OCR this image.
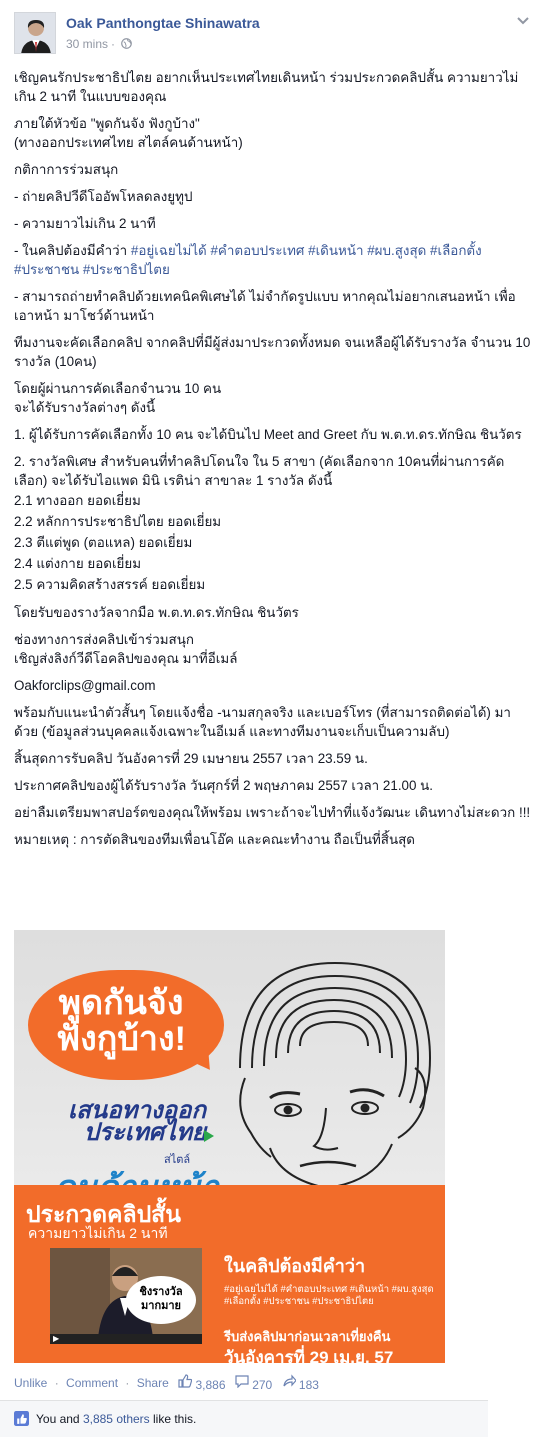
Oak Panthongtae Shinawatra
30 mins ·

เชิญคนรักประชาธิปไตย อยากเห็นประเทศไทยเดินหน้า ร่วมประกวดคลิปสั้น ความยาวไม่เกิน 2 นาที ในแบบของคุณ

ภายใต้หัวข้อ "พูดกันจัง ฟังกูบ้าง"
(ทางออกประเทศไทย สไตล์คนด้านหน้า)

กติกาการร่วมสนุก

- ถ่ายคลิปวีดีโออัพโหลดลงยูทูป

- ความยาวไม่เกิน 2 นาที

- ในคลิปต้องมีคำว่า #อยู่เฉยไม่ได้ #คำตอบประเทศ #เดินหน้า #ผบ.สูงสุด #เลือกตั้ง #ประชาชน #ประชาธิปไตย

- สามารถถ่ายทำคลิปด้วยเทคนิคพิเศษได้ ไม่จำกัดรูปแบบ หากคุณไม่อยากเสนอหน้า เพื่อเอาหน้า มาโชว์ด้านหน้า

ทีมงานจะคัดเลือกคลิป จากคลิปที่มีผู้ส่งมาประกวดทั้งหมด จนเหลือผู้ได้รับรางวัล จำนวน 10 รางวัล (10คน)

โดยผู้ผ่านการคัดเลือกจำนวน 10 คน
จะได้รับรางวัลต่างๆ ดังนี้

1. ผู้ได้รับการคัดเลือกทั้ง 10 คน จะได้บินไป Meet and Greet กับ พ.ต.ท.ดร.ทักษิณ ชินวัตร

2. รางวัลพิเศษ สำหรับคนที่ทำคลิปโดนใจ ใน 5 สาขา (คัดเลือกจาก 10คนที่ผ่านการคัดเลือก) จะได้รับไอแพด มินิ เรติน่า สาขาละ 1 รางวัล ดังนี้

2.1 ทางออก ยอดเยี่ยม
2.2 หลักการประชาธิปไตย ยอดเยี่ยม
2.3 ตีแต่พูด (ตอแหล) ยอดเยี่ยม
2.4 แต่งกาย ยอดเยี่ยม
2.5 ความคิดสร้างสรรค์ ยอดเยี่ยม

โดยรับของรางวัลจากมือ พ.ต.ท.ดร.ทักษิณ ชินวัตร

ช่องทางการส่งคลิปเข้าร่วมสนุก
เชิญส่งลิงก์วีดีโอคลิปของคุณ มาที่อีเมล์

Oakforclips@gmail.com

พร้อมกับแนะนำตัวสั้นๆ โดยแจ้งชื่อ -นามสกุลจริง และเบอร์โทร (ที่สามารถติดต่อได้) มาด้วย (ข้อมูลส่วนบุคคลแจ้งเฉพาะในอีเมล์ และทางทีมงานจะเก็บเป็นความลับ)

สิ้นสุดการรับคลิป วันอังคารที่ 29 เมษายน 2557 เวลา 23.59 น.

ประกาศคลิปของผู้ได้รับรางวัล วันศุกร์ที่ 2 พฤษภาคม 2557 เวลา 21.00 น.

อย่าลืมเตรียมพาสปอร์ตของคุณให้พร้อม เพราะถ้าจะไปทำที่แจ้งวัฒนะ เดินทางไม่สะดวก !!!

หมายเหตุ : การตัดสินของทีมเพื่อนโอ๊ค และคณะทำงาน ถือเป็นที่สิ้นสุด

พูดกันจัง
ฟังกูบ้าง!
เสนอทางออก
ประเทศไทย
สไตล์
ประกวดคลิปสั้น
ความยาวไม่เกิน 2 นาที
ชิงรางวัล
มากมาย
▶
ในคลิปต้องมีคำว่า
#อยู่เฉยไม่ได้ #คำตอบประเทศ #เดินหน้า #ผบ.สูงสุด #เลือกตั้ง #ประชาชน #ประชาธิปไตย
รีบส่งคลิปมาก่อนเวลาเที่ยงคืน
วันอังคารที่ 29 เม.ย. 57
Unlike · Comment · Share 3,886 270 183
You and 3,885 others like this.
